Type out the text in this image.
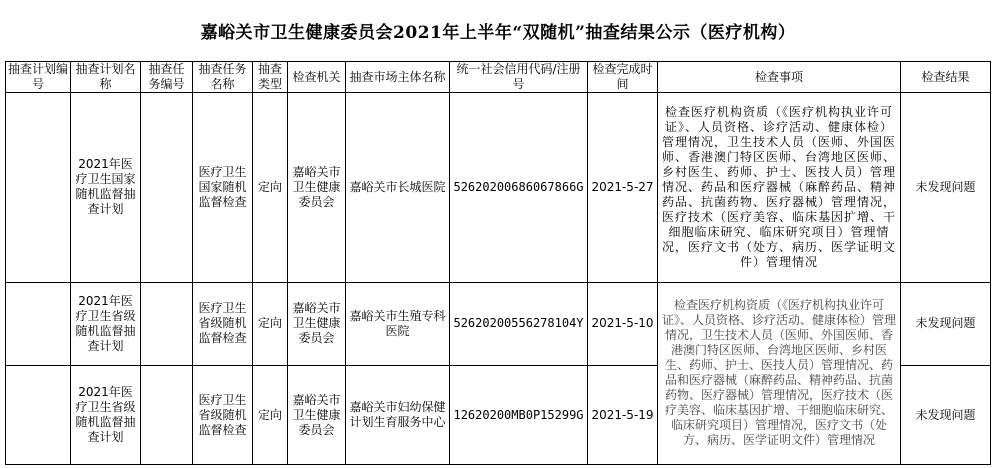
嘉峪关市卫生健康委员会2021年上半年“双随机”抽查结果公示（医疗机构）
抽查计划编号	抽查计划名称	抽查任务编号	抽查任务名称	抽查类型	检查机关	抽查市场主体名称	统一社会信用代码/注册号	检查完成时间	检查事项	检查结果
	2021年医疗卫生国家随机监督抽查计划		医疗卫生国家随机监督检查	定向	嘉峪关市卫生健康委员会	嘉峪关市长城医院	52620200686067866G	2021-5-27	检查医疗机构资质（《医疗机构执业许可证》、人员资格、诊疗活动、健康体检）管理情况，卫生技术人员（医师、外国医师、香港澳门特区医师、台湾地区医师、乡村医生、药师、护士、医技人员）管理情况、药品和医疗器械（麻醉药品、精神药品、抗菌药物、医疗器械）管理情况，医疗技术（医疗美容、临床基因扩增、干细胞临床研究、临床研究项目）管理情况，医疗文书（处方、病历、医学证明文件）管理情况	未发现问题
	2021年医疗卫生省级随机监督抽查计划		医疗卫生省级随机监督检查	定向	嘉峪关市卫生健康委员会	嘉峪关市生殖专科医院	52620200556278104Y	2021-5-10	检查医疗机构资质（《医疗机构执业许可证》、人员资格、诊疗活动、健康体检）管理情况，卫生技术人员（医师、外国医师、香港澳门特区医师、台湾地区医师、乡村医生、药师、护士、医技人员）管理情况、药品和医疗器械（麻醉药品、精神药品、抗菌药物、医疗器械）管理情况，医疗技术（医疗美容、临床基因扩增、干细胞临床研究、临床研究项目）管理情况，医疗文书（处方、病历、医学证明文件）管理情况	未发现问题
	2021年医疗卫生省级随机监督抽查计划		医疗卫生省级随机监督检查	定向	嘉峪关市卫生健康委员会	嘉峪关市妇幼保健计划生育服务中心	12620200MB0P15299G	2021-5-19		未发现问题
